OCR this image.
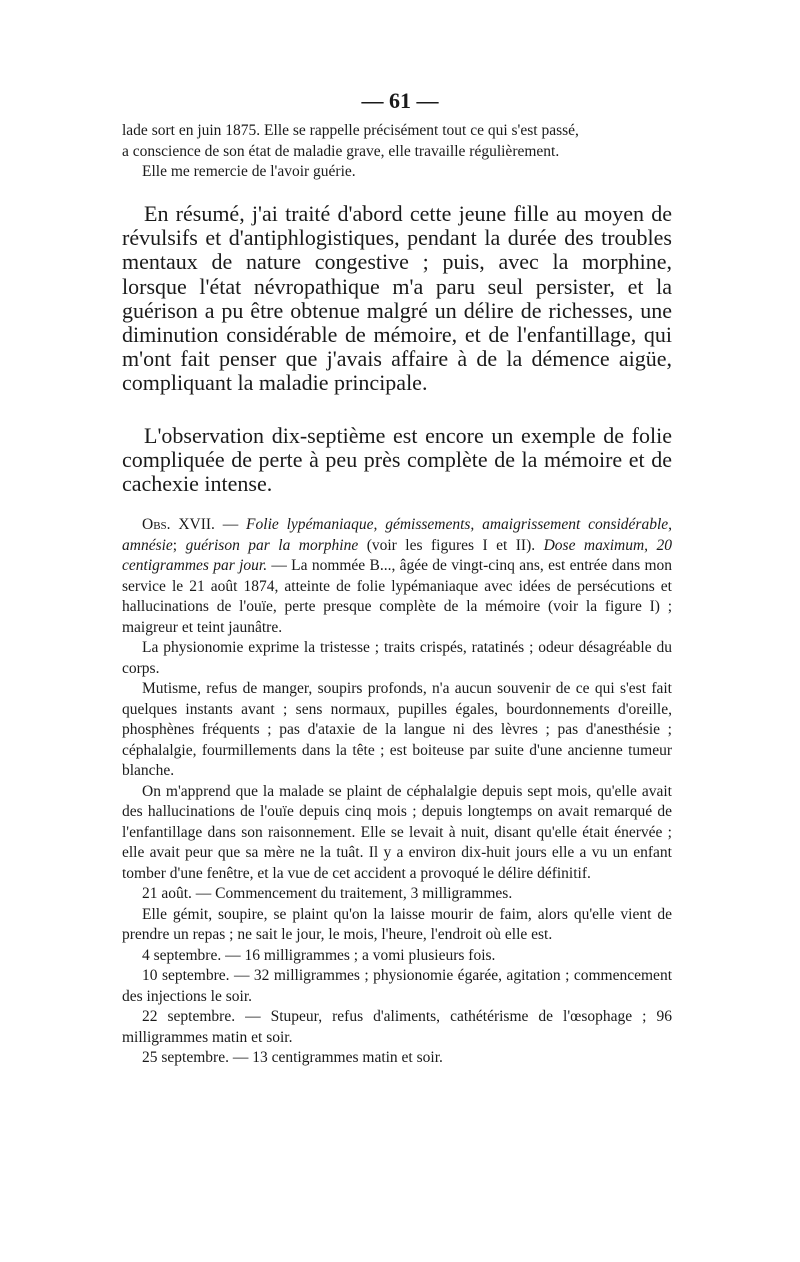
— 61 —

lade sort en juin 1875. Elle se rappelle précisément tout ce qui s'est passé,

a conscience de son état de maladie grave, elle travaille régulièrement.

Elle me remercie de l'avoir guérie.

En résumé, j'ai traité d'abord cette jeune fille au moyen de révulsifs et d'antiphlogistiques, pendant la durée des troubles mentaux de nature congestive ; puis, avec la morphine, lorsque l'état névropathique m'a paru seul persister, et la guérison a pu être obtenue malgré un délire de richesses, une diminution considérable de mémoire, et de l'enfantillage, qui m'ont fait penser que j'avais affaire à de la démence aigüe, compliquant la maladie principale.

L'observation dix-septième est encore un exemple de folie compliquée de perte à peu près complète de la mémoire et de cachexie intense.

Obs. XVII. — Folie lypémaniaque, gémissements, amaigrissement considérable, amnésie; guérison par la morphine (voir les figures I et II). Dose maximum, 20 centigrammes par jour. — La nommée B..., âgée de vingt-cinq ans, est entrée dans mon service le 21 août 1874, atteinte de folie lypémaniaque avec idées de persécutions et hallucinations de l'ouïe, perte presque complète de la mémoire (voir la figure I) ; maigreur et teint jaunâtre.

La physionomie exprime la tristesse ; traits crispés, ratatinés ; odeur désagréable du corps.

Mutisme, refus de manger, soupirs profonds, n'a aucun souvenir de ce qui s'est fait quelques instants avant ; sens normaux, pupilles égales, bourdonnements d'oreille, phosphènes fréquents ; pas d'ataxie de la langue ni des lèvres ; pas d'anesthésie ; céphalalgie, fourmillements dans la tête ; est boiteuse par suite d'une ancienne tumeur blanche.

On m'apprend que la malade se plaint de céphalalgie depuis sept mois, qu'elle avait des hallucinations de l'ouïe depuis cinq mois ; depuis longtemps on avait remarqué de l'enfantillage dans son raisonnement. Elle se levait à nuit, disant qu'elle était énervée ; elle avait peur que sa mère ne la tuât. Il y a environ dix-huit jours elle a vu un enfant tomber d'une fenêtre, et la vue de cet accident a provoqué le délire définitif.

21 août. — Commencement du traitement, 3 milligrammes.

Elle gémit, soupire, se plaint qu'on la laisse mourir de faim, alors qu'elle vient de prendre un repas ; ne sait le jour, le mois, l'heure, l'endroit où elle est.

4 septembre. — 16 milligrammes ; a vomi plusieurs fois.

10 septembre. — 32 milligrammes ; physionomie égarée, agitation ; commencement des injections le soir.

22 septembre. — Stupeur, refus d'aliments, cathétérisme de l'œsophage ; 96 milligrammes matin et soir.

25 septembre. — 13 centigrammes matin et soir.
